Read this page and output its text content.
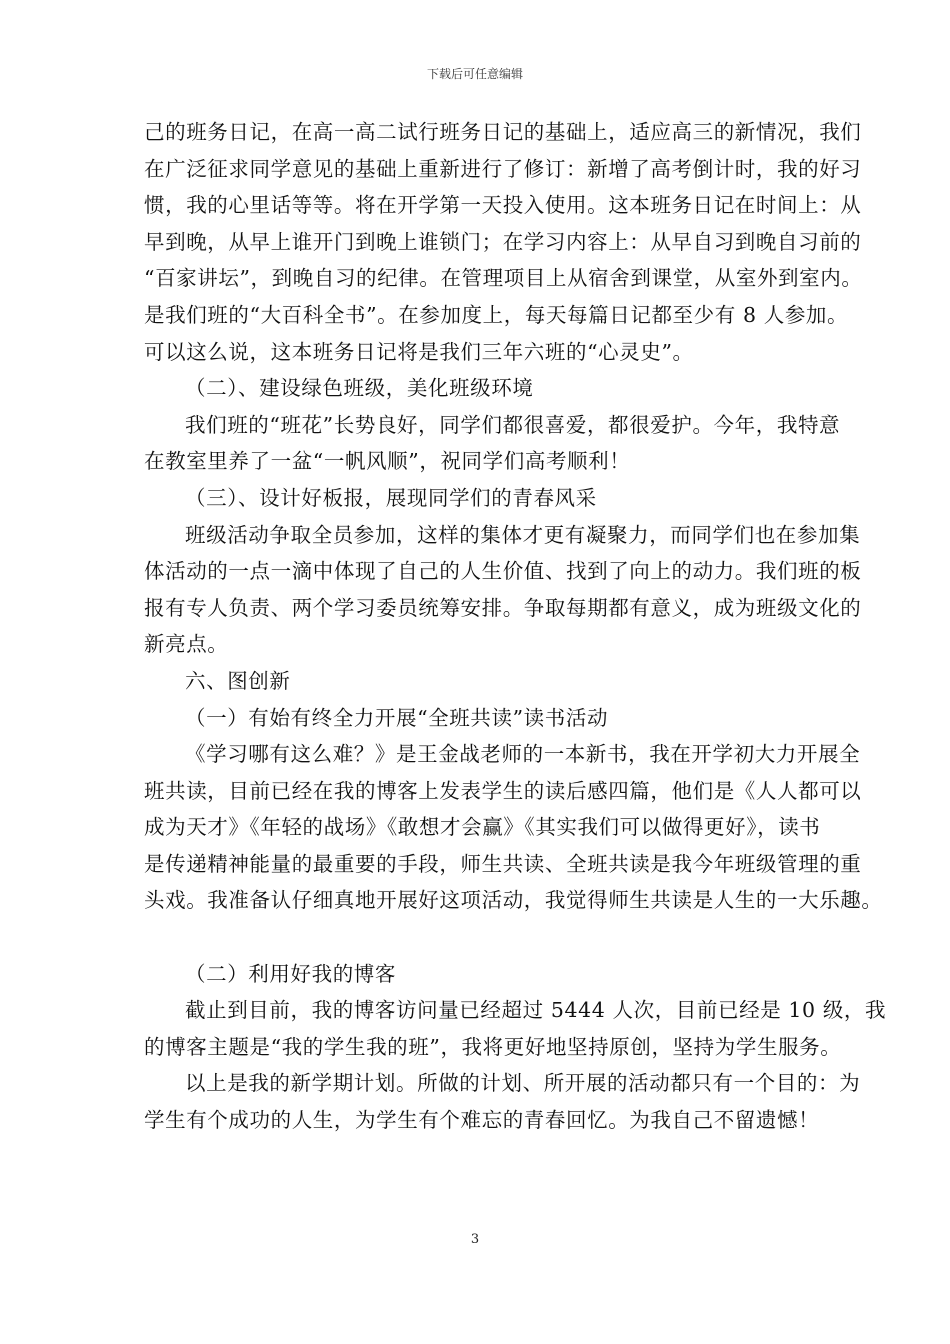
下载后可任意编辑
己的班务日记，在高一高二试行班务日记的基础上，适应高三的新情况，我们
在广泛征求同学意见的基础上重新进行了修订：新增了高考倒计时，我的好习
惯，我的心里话等等。将在开学第一天投入使用。这本班务日记在时间上：从
早到晚，从早上谁开门到晚上谁锁门；在学习内容上：从早自习到晚自习前的
“百家讲坛”，到晚自习的纪律。在管理项目上从宿舍到课堂，从室外到室内。
是我们班的“大百科全书”。在参加度上，每天每篇日记都至少有 8 人参加。
可以这么说，这本班务日记将是我们三年六班的“心灵史”。
（二）、建设绿色班级，美化班级环境
我们班的“班花”长势良好，同学们都很喜爱，都很爱护。今年，我特意
在教室里养了一盆“一帆风顺”，祝同学们高考顺利！
（三）、设计好板报，展现同学们的青春风采
班级活动争取全员参加，这样的集体才更有凝聚力，而同学们也在参加集
体活动的一点一滴中体现了自己的人生价值、找到了向上的动力。我们班的板
报有专人负责、两个学习委员统筹安排。争取每期都有意义，成为班级文化的
新亮点。
六、图创新
（一）有始有终全力开展“全班共读”读书活动
《学习哪有这么难？》是王金战老师的一本新书，我在开学初大力开展全
班共读，目前已经在我的博客上发表学生的读后感四篇，他们是《人人都可以
成为天才》《年轻的战场》《敢想才会赢》《其实我们可以做得更好》，读书
是传递精神能量的最重要的手段，师生共读、全班共读是我今年班级管理的重
头戏。我准备认仔细真地开展好这项活动，我觉得师生共读是人生的一大乐趣。
（二）利用好我的博客
截止到目前，我的博客访问量已经超过 5444 人次，目前已经是 10 级，我
的博客主题是“我的学生我的班”，我将更好地坚持原创，坚持为学生服务。
以上是我的新学期计划。所做的计划、所开展的活动都只有一个目的：为
学生有个成功的人生，为学生有个难忘的青春回忆。为我自己不留遗憾！
3
